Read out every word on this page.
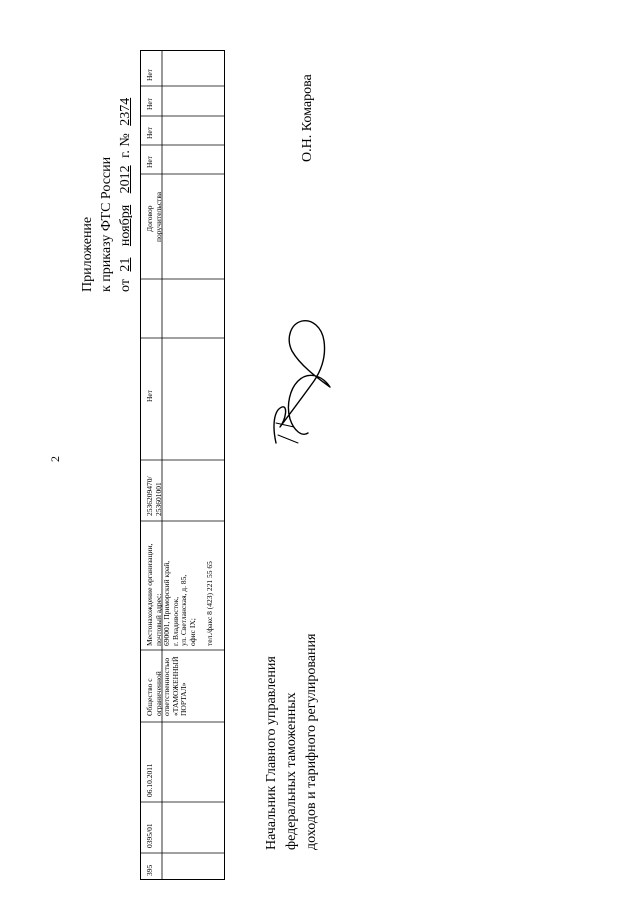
2
Приложение к приказу ФТС России от 21 ноября 2012 г. № 2374
395
0395/01
06.10.2011
Общество с ограниченной ответственностью «ТАМОЖЕННЫЙ ПОРТАЛ»
Местонахождение организации, почтовый адрес: 690001, Приморский край, г. Владивосток, ул. Светланская, д. 85, офис IX; тел./факс 8 (423) 221 55 65
2536209470/ 253601001
Нет
Договор поручительства
Нет
Нет
Нет
Нет
Начальник Главного управления федеральных таможенных доходов и тарифного регулирования
О.Н. Комарова
